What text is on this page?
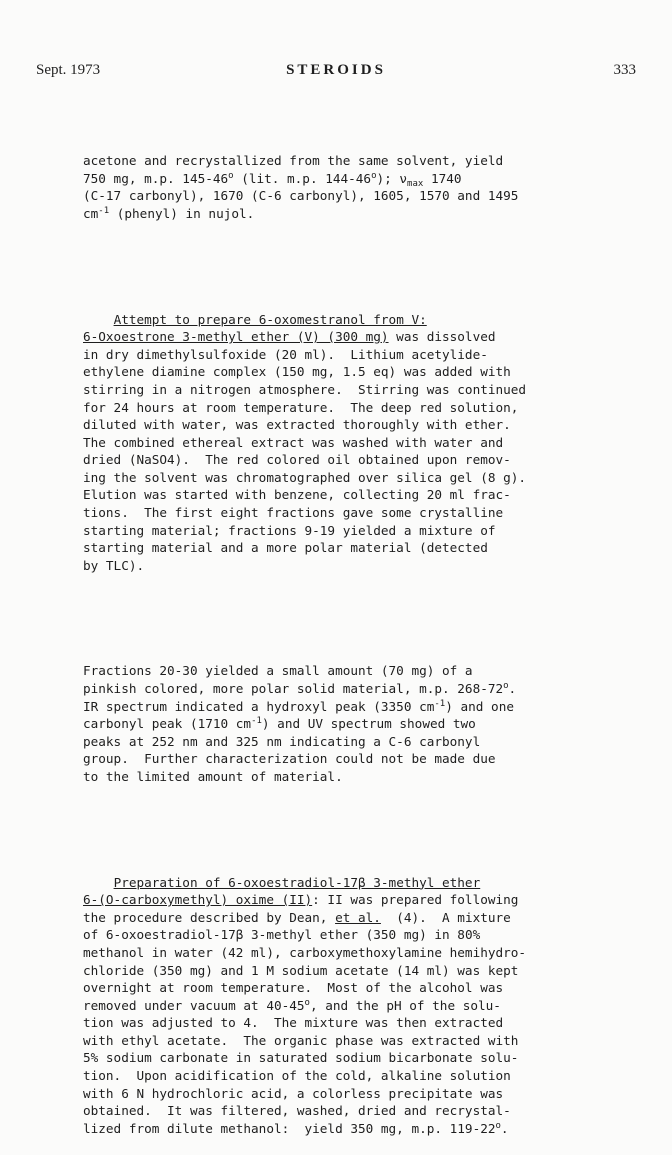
Sept. 1973	STEROIDS	333

acetone and recrystallized from the same solvent, yield
750 mg, m.p. 145-46$^o$ (lit. m.p. 144-46$^o$); $\nu_{max}$ 1740
(C-17 carbonyl), 1670 (C-6 carbonyl), 1605, 1570 and 1495
$cm^{-1}$ (phenyl) in nujol.

Attempt to prepare 6-oxomestranol from V:
6-Oxoestrone 3-methyl ether (V) (300 mg) was dissolved
in dry dimethylsulfoxide (20 ml).  Lithium acetylide-
ethylene diamine complex (150 mg, 1.5 eq) was added with
stirring in a nitrogen atmosphere.  Stirring was continued
for 24 hours at room temperature.  The deep red solution,
diluted with water, was extracted thoroughly with ether.
The combined ethereal extract was washed with water and
dried (NaSO4).  The red colored oil obtained upon remov-
ing the solvent was chromatographed over silica gel (8 g).
Elution was started with benzene, collecting 20 ml frac-
tions.  The first eight fractions gave some crystalline
starting material; fractions 9-19 yielded a mixture of
starting material and a more polar material (detected
by TLC).

Fractions 20-30 yielded a small amount (70 mg) of a
pinkish colored, more polar solid material, m.p. 268-72$^o$.
IR spectrum indicated a hydroxyl peak (3350 $cm^{-1}$) and one
carbonyl peak (1710 $cm^{-1}$) and UV spectrum showed two
peaks at 252 nm and 325 nm indicating a C-6 carbonyl
group.  Further characterization could not be made due
to the limited amount of material.

Preparation of 6-oxoestradiol-17β 3-methyl ether
6-(O-carboxymethyl) oxime (II): II was prepared following
the procedure described by Dean, et al.  (4).  A mixture
of 6-oxoestradiol-17β 3-methyl ether (350 mg) in 80%
methanol in water (42 ml), carboxymethoxylamine hemihydro-
chloride (350 mg) and 1 M sodium acetate (14 ml) was kept
overnight at room temperature.  Most of the alcohol was
removed under vacuum at 40-45$^o$, and the pH of the solu-
tion was adjusted to 4.  The mixture was then extracted
with ethyl acetate.  The organic phase was extracted with
5% sodium carbonate in saturated sodium bicarbonate solu-
tion.  Upon acidification of the cold, alkaline solution
with 6 N hydrochloric acid, a colorless precipitate was
obtained.  It was filtered, washed, dried and recrystal-
lized from dilute methanol:  yield 350 mg, m.p. 119-22$^o$.
